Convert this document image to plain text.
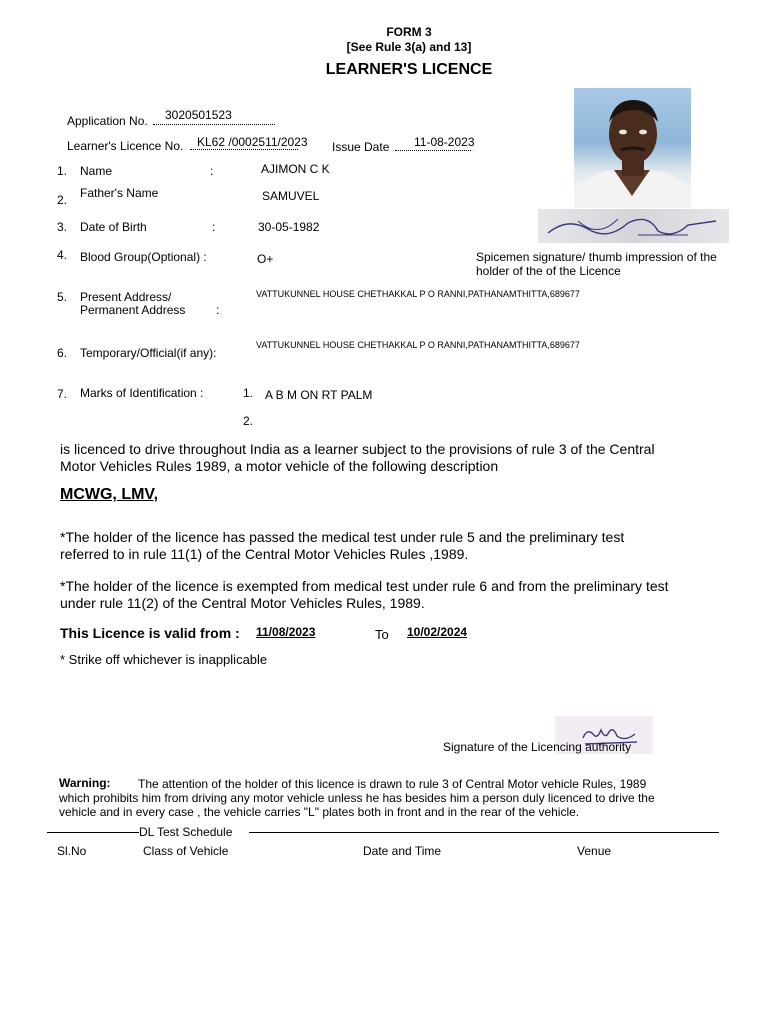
FORM 3
[See Rule 3(a) and 13]
LEARNER'S LICENCE
Application No. 3020501523
Learner's Licence No. KL62 /0002511/2023 Issue Date 11-08-2023
1. Name	:	AJIMON C K
2. Father's Name	SAMUVEL
3. Date of Birth	:	30-05-1982
4. Blood Group(Optional) :	O+	Spicemen signature/ thumb impression of the holder of the of the Licence
5. Present Address/
Permanent Address	:
VATTUKUNNEL HOUSE CHETHAKKAL P O RANNI,PATHANAMTHITTA,689677
6. Temporary/Official(if any):
VATTUKUNNEL HOUSE CHETHAKKAL P O RANNI,PATHANAMTHITTA,689677
7. Marks of Identification :	1. A B M ON RT PALM
2.
is licenced to drive throughout India as a learner subject to the provisions of rule 3 of the Central Motor Vehicles Rules 1989, a motor vehicle of the following description
MCWG, LMV,
*The holder of the licence has passed the medical test under rule 5 and the preliminary test referred to in rule 11(1) of the Central Motor Vehicles Rules ,1989.
*The holder of the licence is exempted from medical test under rule 6 and from the preliminary test under rule 11(2) of the Central Motor Vehicles Rules, 1989.
This Licence is valid from : 11/08/2023	To 10/02/2024
* Strike off whichever is inapplicable
Signature of the Licencing authority
Warning: The attention of the holder of this licence is drawn to rule 3 of Central Motor vehicle Rules, 1989
which prohibits him from driving any motor vehicle unless he has besides him a person duly licenced to drive the
vehicle and in every case , the vehicle carries "L" plates both in front and in the rear of the vehicle.
DL Test Schedule
Sl.No	Class of Vehicle	Date and Time	Venue
